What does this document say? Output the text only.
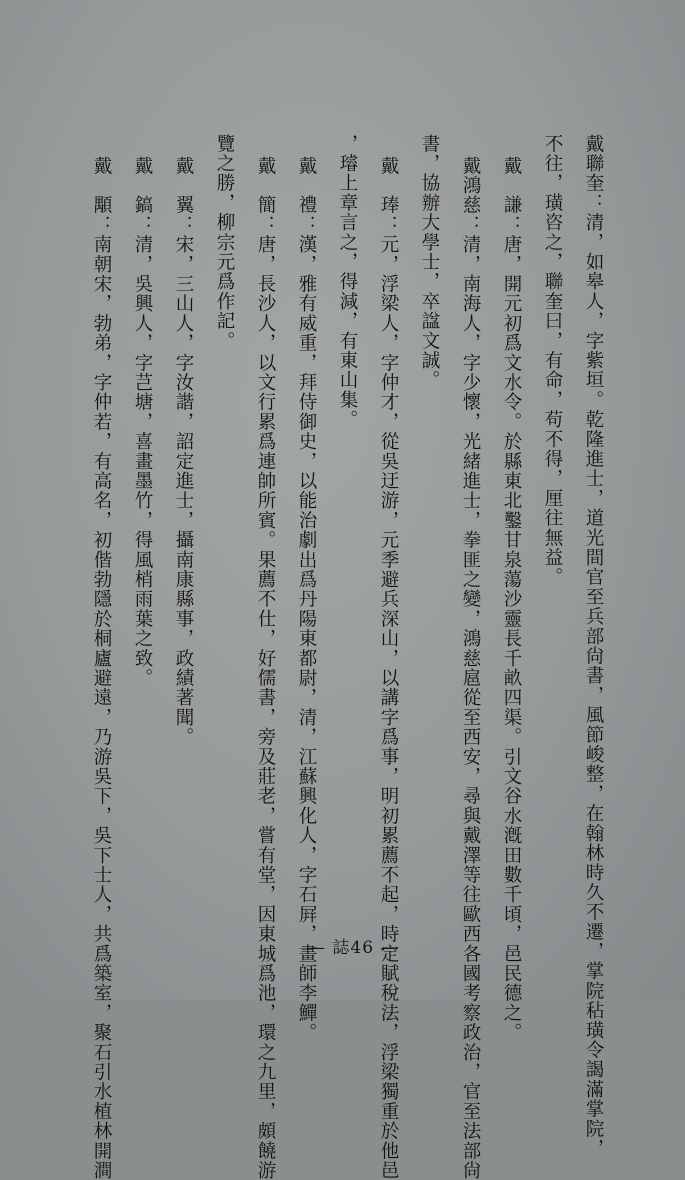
戴聯奎：清，如皋人，字紫垣。乾隆進士，道光間官至兵部尙書，風節峻整，在翰林時久不遷，掌院秥璜令謁滿掌院，
不往，璜咨之，聯奎曰，有命，苟不得，厘往無益。
戴　謙：唐，開元初爲文水令。於縣東北鑿甘泉蕩沙靈長千畝四渠。引文谷水漑田數千頃，邑民德之。
戴鴻慈：清，南海人，字少懷，光緒進士，拳匪之變，鴻慈扈從至西安，尋與戴澤等往歐西各國考察政治，官至法部尙
書，協辦大學士，卒諡文誠。
戴　琫：元，浮梁人，字仲才，從吳迂游，元季避兵深山，以講字爲事，明初累薦不起，時定賦稅法，浮梁獨重於他邑
，璿上章言之，得減，有東山集。
戴　禮：漢，雅有威重，拜侍御史，以能治劇出爲丹陽東都尉，清，江蘇興化人，字石屛，畫師李鱓。
戴　簡：唐，長沙人，以文行累爲連帥所賓。果薦不仕，好儒書，旁及莊老，嘗有堂，因東城爲池，環之九里，頗饒游
覽之勝，柳宗元爲作記。
戴　翼：宋，三山人，字汝諧，詔定進士，攝南康縣事，政績著聞。
戴　鎬：清，吳興人，字芑塘，喜畫墨竹，得風梢雨葉之致。
戴　顒：南朝宋，勃弟，字仲若，有高名，初偕勃隱於桐廬避遠，乃游吳下，吳下士人，共爲築室，聚石引水植林開澗	— 誌46 —
